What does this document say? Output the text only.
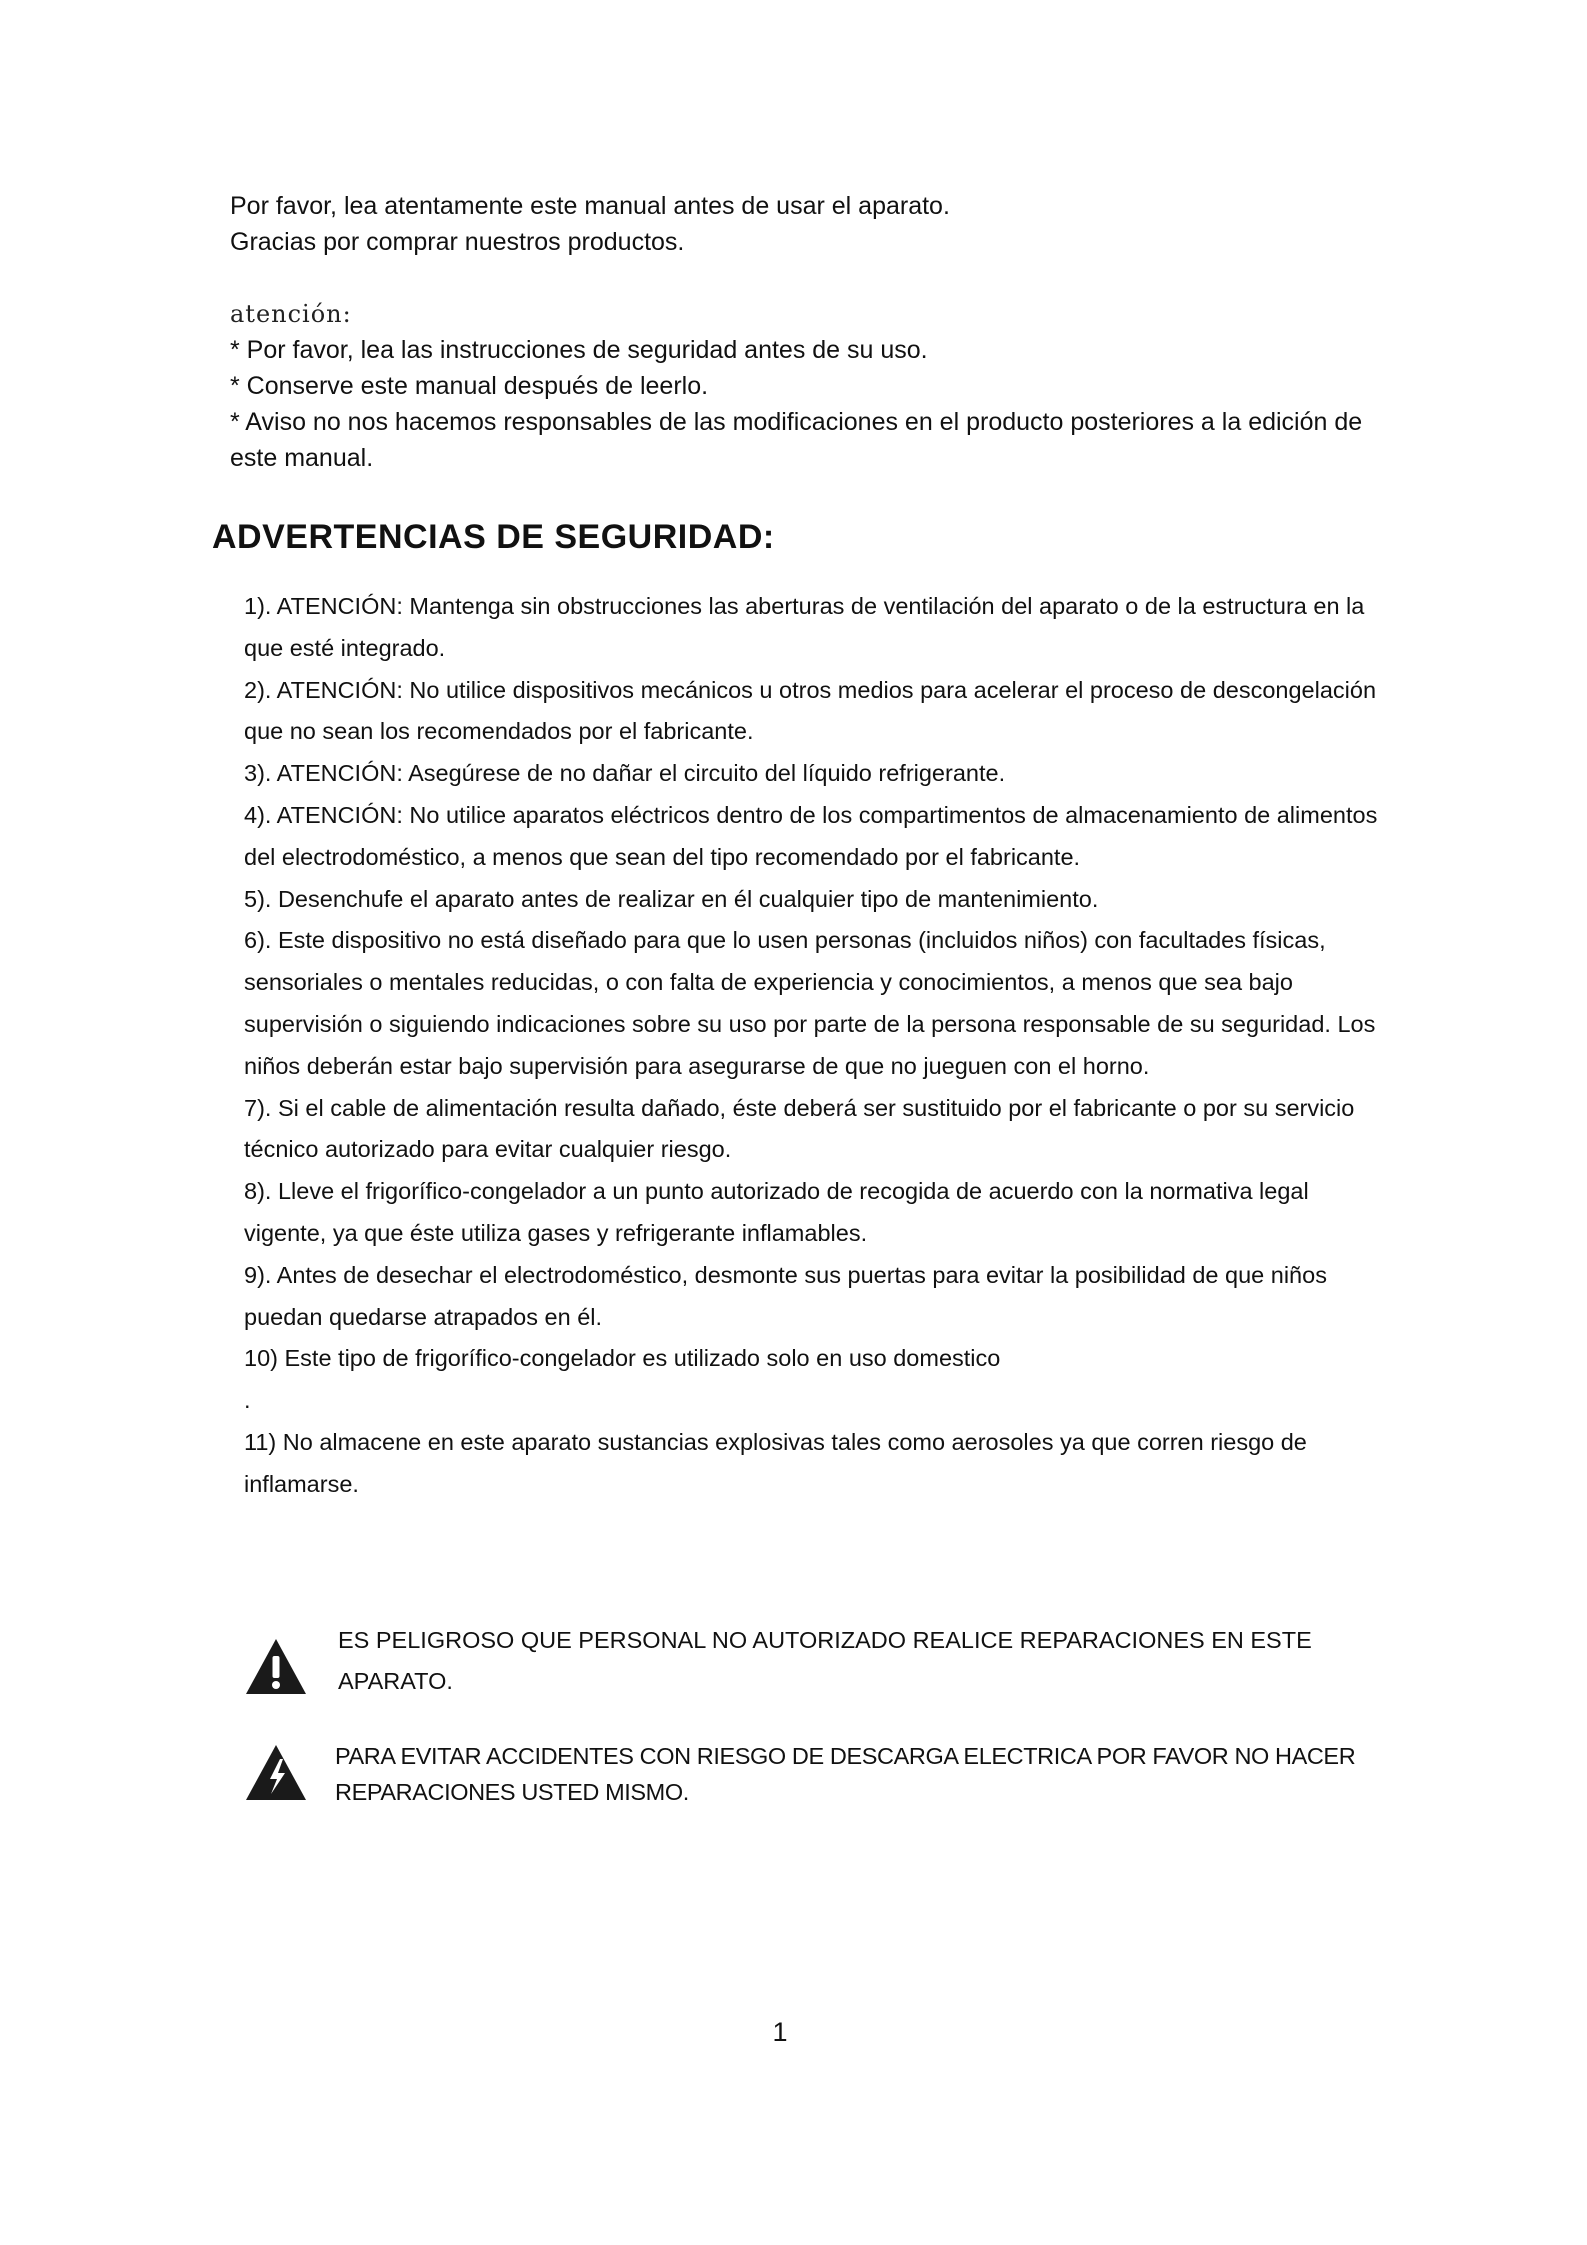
Por favor, lea atentamente este manual antes de usar el aparato.

Gracias por comprar nuestros productos.

atención:

* Por favor, lea las instrucciones de seguridad antes de su uso.

* Conserve este manual después de leerlo.

* Aviso no nos hacemos responsables de las modificaciones en el producto posteriores a la edición de este manual.

ADVERTENCIAS DE SEGURIDAD:
1). ATENCIÓN: Mantenga sin obstrucciones las aberturas de ventilación del aparato o de la estructura en la que esté integrado.
2). ATENCIÓN: No utilice dispositivos mecánicos u otros medios para acelerar el proceso de descongelación que no sean los recomendados por el fabricante.
3). ATENCIÓN: Asegúrese de no dañar el circuito del líquido refrigerante.
4). ATENCIÓN: No utilice aparatos eléctricos dentro de los compartimentos de almacenamiento de alimentos del electrodoméstico, a menos que sean del tipo recomendado por el fabricante.
5). Desenchufe el aparato antes de realizar en él cualquier tipo de mantenimiento.
6). Este dispositivo no está diseñado para que lo usen personas (incluidos niños) con facultades físicas, sensoriales o mentales reducidas, o con falta de experiencia y conocimientos, a menos que sea bajo supervisión o siguiendo indicaciones sobre su uso por parte de la persona responsable de su seguridad. Los niños deberán estar bajo supervisión para asegurarse de que no jueguen con el horno.
7). Si el cable de alimentación resulta dañado, éste deberá ser sustituido por el fabricante o por su servicio técnico autorizado para evitar cualquier riesgo.
8). Lleve el frigorífico-congelador a un punto autorizado de recogida de acuerdo con la normativa legal vigente, ya que éste utiliza gases y refrigerante inflamables.
9). Antes de desechar el electrodoméstico, desmonte sus puertas para evitar la posibilidad de que niños puedan quedarse atrapados en él.
10) Este tipo de frigorífico-congelador es utilizado solo en uso domestico
.
11) No almacene en este aparato sustancias explosivas tales como aerosoles ya que corren riesgo de inflamarse.
ES PELIGROSO QUE PERSONAL NO AUTORIZADO REALICE REPARACIONES EN ESTE APARATO.
PARA EVITAR ACCIDENTES CON RIESGO DE DESCARGA ELECTRICA POR FAVOR NO HACER REPARACIONES USTED MISMO.
1
